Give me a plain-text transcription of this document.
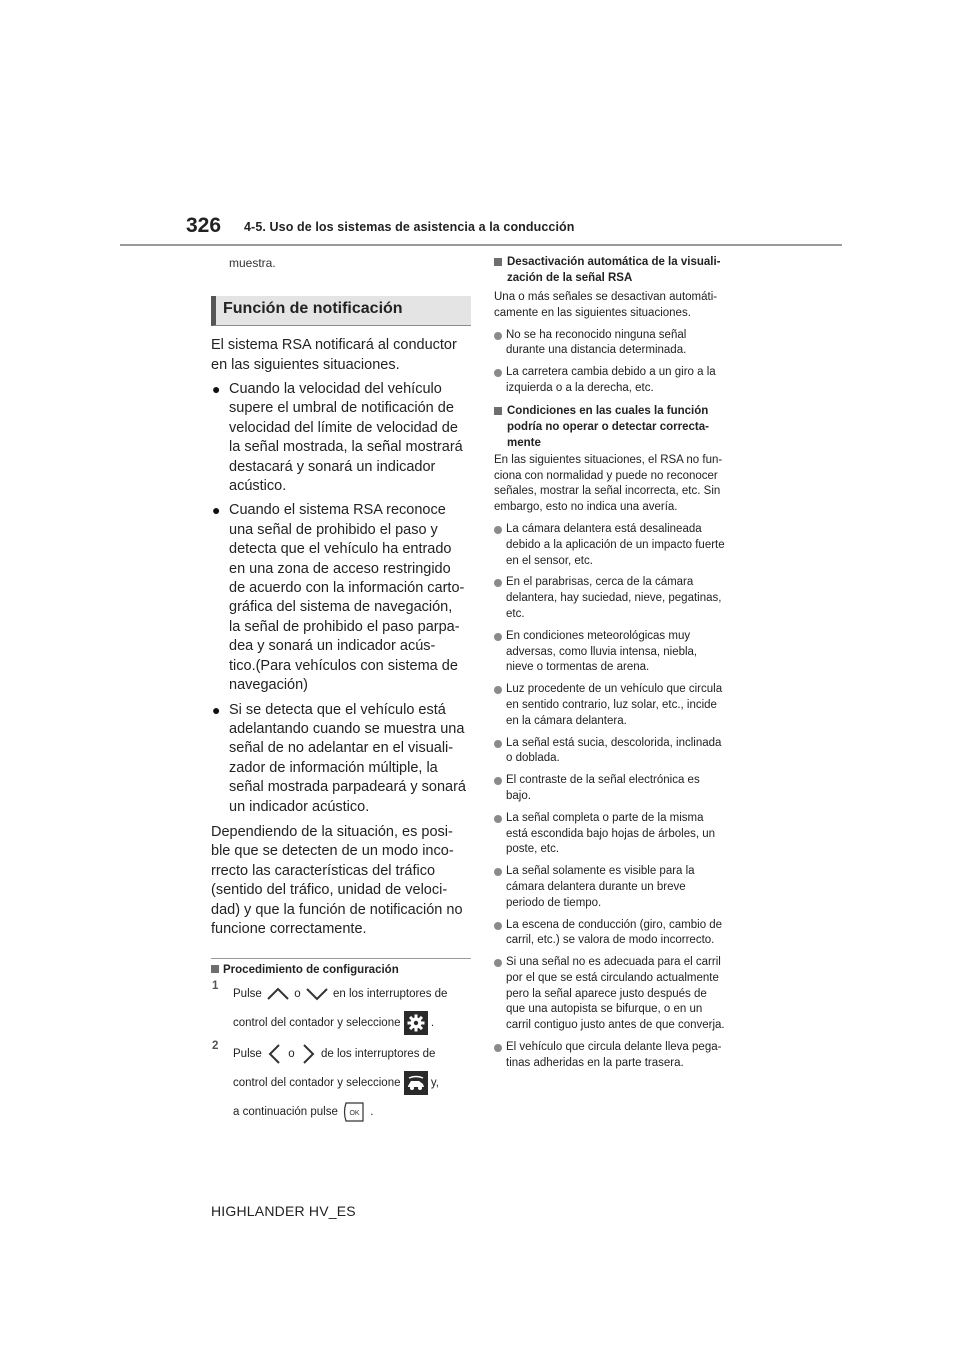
326 4-5. Uso de los sistemas de asistencia a la conducción
muestra.
Función de notificación

El sistema RSA notificará al conductor
en las siguientes situaciones.

● Cuando la velocidad del vehículo
supere el umbral de notificación de
velocidad del límite de velocidad de
la señal mostrada, la señal mostrará
destacará y sonará un indicador
acústico.

● Cuando el sistema RSA reconoce
una señal de prohibido el paso y
detecta que el vehículo ha entrado
en una zona de acceso restringido
de acuerdo con la información carto-
gráfica del sistema de navegación,
la señal de prohibido el paso parpa-
dea y sonará un indicador acús-
tico.(Para vehículos con sistema de
navegación)

● Si se detecta que el vehículo está
adelantando cuando se muestra una
señal de no adelantar en el visuali-
zador de información múltiple, la
señal mostrada parpadeará y sonará
un indicador acústico.

Dependiendo de la situación, es posi-
ble que se detecten de un modo inco-
rrecto las características del tráfico
(sentido del tráfico, unidad de veloci-
dad) y que la función de notificación no
funcione correctamente.

Procedimiento de configuración

1
Pulse	o	en los interruptores de
control del contador y seleccione	.
2
Pulse o de los interruptores de
control del contador y seleccione	y,
a continuación pulse OK .

Desactivación automática de la visuali-
zación de la señal RSA

Una o más señales se desactivan automáti-
camente en las siguientes situaciones.

No se ha reconocido ninguna señal
durante una distancia determinada.

La carretera cambia debido a un giro a la
izquierda o a la derecha, etc.

Condiciones en las cuales la función
podría no operar o detectar correcta-
mente

En las siguientes situaciones, el RSA no fun-
ciona con normalidad y puede no reconocer
señales, mostrar la señal incorrecta, etc. Sin
embargo, esto no indica una avería.

La cámara delantera está desalineada
debido a la aplicación de un impacto fuerte
en el sensor, etc.

En el parabrisas, cerca de la cámara
delantera, hay suciedad, nieve, pegatinas,
etc.

En condiciones meteorológicas muy
adversas, como lluvia intensa, niebla,
nieve o tormentas de arena.

Luz procedente de un vehículo que circula
en sentido contrario, luz solar, etc., incide
en la cámara delantera.

La señal está sucia, descolorida, inclinada
o doblada.

El contraste de la señal electrónica es
bajo.

La señal completa o parte de la misma
está escondida bajo hojas de árboles, un
poste, etc.

La señal solamente es visible para la
cámara delantera durante un breve
periodo de tiempo.

La escena de conducción (giro, cambio de
carril, etc.) se valora de modo incorrecto.

Si una señal no es adecuada para el carril
por el que se está circulando actualmente
pero la señal aparece justo después de
que una autopista se bifurque, o en un
carril contiguo justo antes de que converja.

El vehículo que circula delante lleva pega-
tinas adheridas en la parte trasera.

HIGHLANDER HV_ES
